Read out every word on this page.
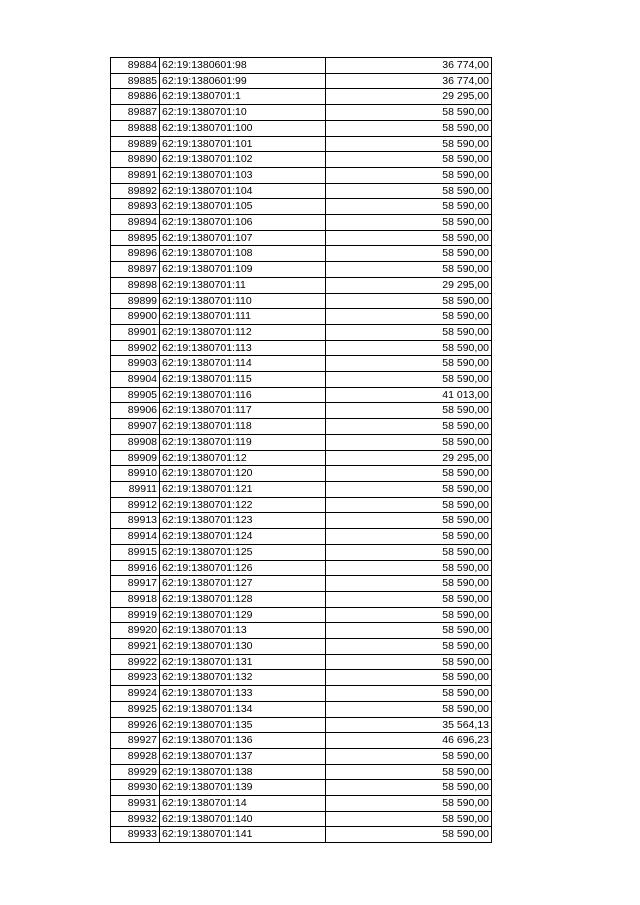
89884	62:19:1380601:98	36 774,00
89885	62:19:1380601:99	36 774,00
89886	62:19:1380701:1	29 295,00
89887	62:19:1380701:10	58 590,00
89888	62:19:1380701:100	58 590,00
89889	62:19:1380701:101	58 590,00
89890	62:19:1380701:102	58 590,00
89891	62:19:1380701:103	58 590,00
89892	62:19:1380701:104	58 590,00
89893	62:19:1380701:105	58 590,00
89894	62:19:1380701:106	58 590,00
89895	62:19:1380701:107	58 590,00
89896	62:19:1380701:108	58 590,00
89897	62:19:1380701:109	58 590,00
89898	62:19:1380701:11	29 295,00
89899	62:19:1380701:110	58 590,00
89900	62:19:1380701:111	58 590,00
89901	62:19:1380701:112	58 590,00
89902	62:19:1380701:113	58 590,00
89903	62:19:1380701:114	58 590,00
89904	62:19:1380701:115	58 590,00
89905	62:19:1380701:116	41 013,00
89906	62:19:1380701:117	58 590,00
89907	62:19:1380701:118	58 590,00
89908	62:19:1380701:119	58 590,00
89909	62:19:1380701:12	29 295,00
89910	62:19:1380701:120	58 590,00
89911	62:19:1380701:121	58 590,00
89912	62:19:1380701:122	58 590,00
89913	62:19:1380701:123	58 590,00
89914	62:19:1380701:124	58 590,00
89915	62:19:1380701:125	58 590,00
89916	62:19:1380701:126	58 590,00
89917	62:19:1380701:127	58 590,00
89918	62:19:1380701:128	58 590,00
89919	62:19:1380701:129	58 590,00
89920	62:19:1380701:13	58 590,00
89921	62:19:1380701:130	58 590,00
89922	62:19:1380701:131	58 590,00
89923	62:19:1380701:132	58 590,00
89924	62:19:1380701:133	58 590,00
89925	62:19:1380701:134	58 590,00
89926	62:19:1380701:135	35 564,13
89927	62:19:1380701:136	46 696,23
89928	62:19:1380701:137	58 590,00
89929	62:19:1380701:138	58 590,00
89930	62:19:1380701:139	58 590,00
89931	62:19:1380701:14	58 590,00
89932	62:19:1380701:140	58 590,00
89933	62:19:1380701:141	58 590,00
